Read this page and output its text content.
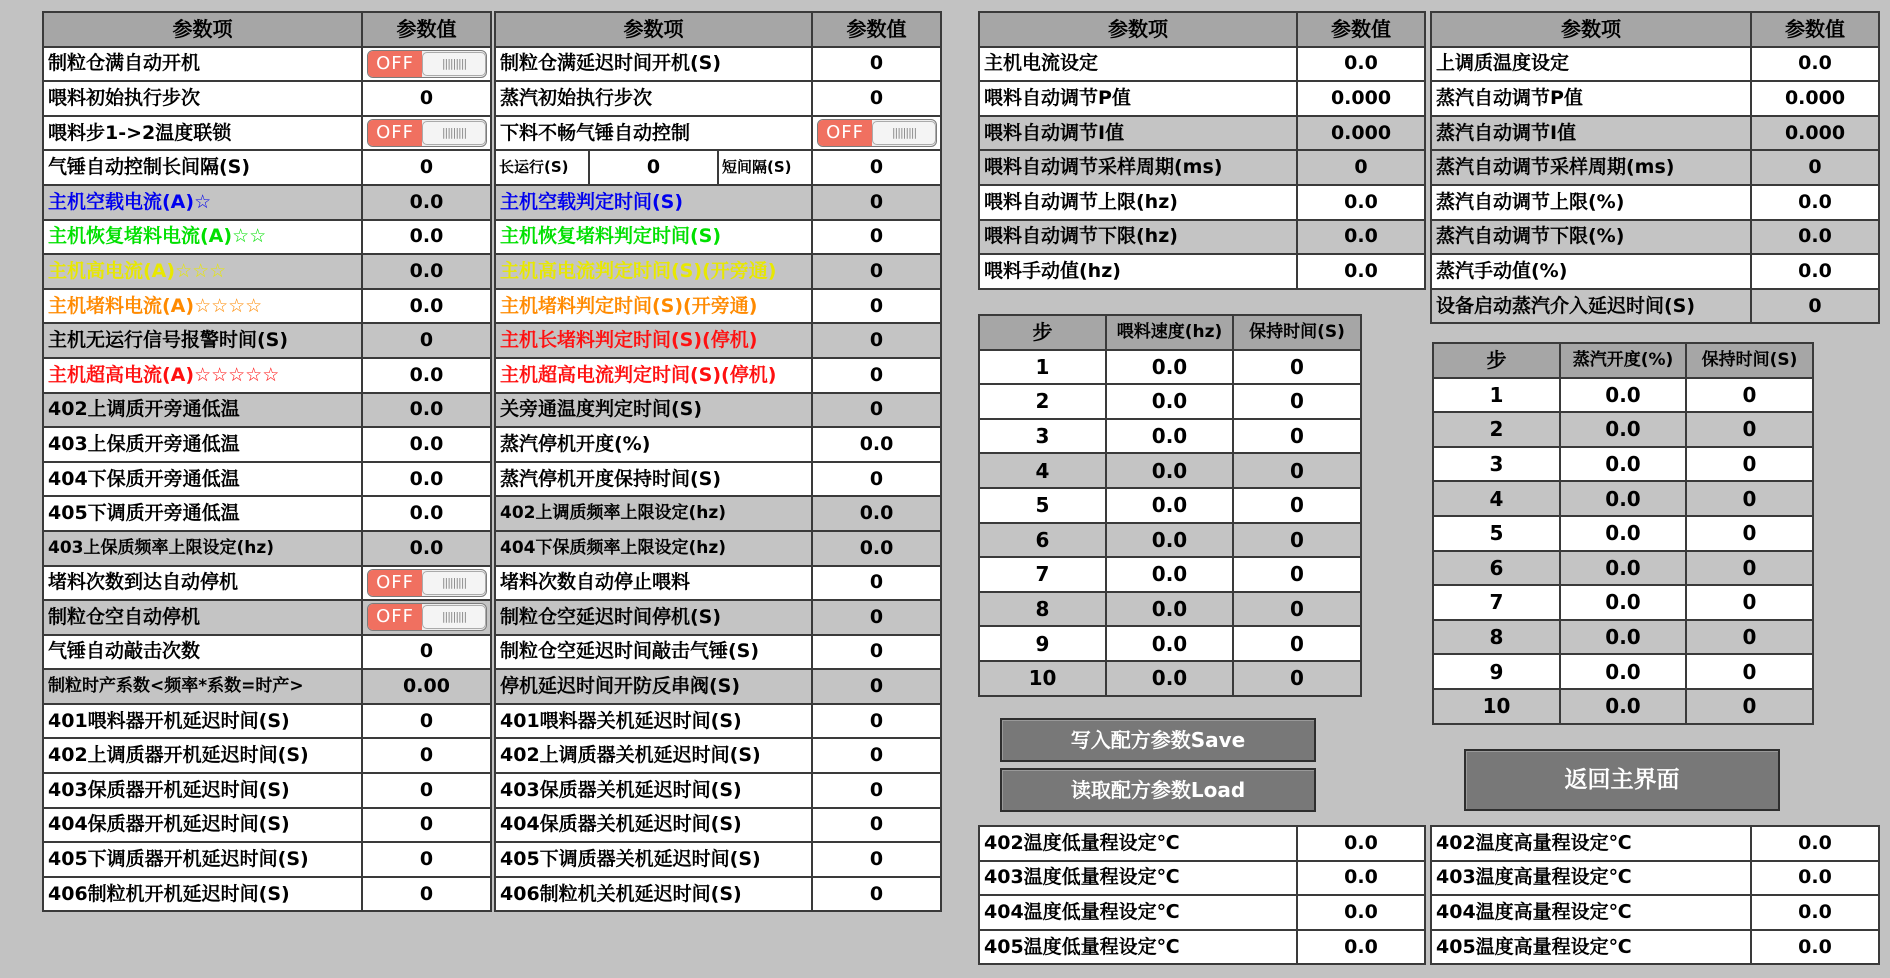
参数项	参数值
制粒仓满自动开机	OFF |||||||||

喂料初始执行步次	0
喂料步1->2温度联锁	OFF |||||||||

气锤自动控制长间隔(S)	0
主机空载电流(A)☆	0.0
主机恢复堵料电流(A)☆☆	0.0
主机高电流(A)☆☆☆	0.0
主机堵料电流(A)☆☆☆☆	0.0
主机无运行信号报警时间(S)	0
主机超高电流(A)☆☆☆☆☆	0.0
402上调质开旁通低温	0.0
403上保质开旁通低温	0.0
404下保质开旁通低温	0.0
405下调质开旁通低温	0.0
403上保质频率上限设定(hz)	0.0
堵料次数到达自动停机	OFF |||||||||

制粒仓空自动停机	OFF |||||||||

气锤自动敲击次数	0
制粒时产系数<频率*系数=时产>	0.00
401喂料器开机延迟时间(S)	0
402上调质器开机延迟时间(S)	0
403保质器开机延迟时间(S)	0
404保质器开机延迟时间(S)	0
405下调质器开机延迟时间(S)	0
406制粒机开机延迟时间(S)	0
参数项			参数值
制粒仓满延迟时间开机(S)			0
蒸汽初始执行步次			0
下料不畅气锤自动控制			OFF |||||||||

长运行(S)	0	短间隔(S)	0
主机空载判定时间(S)			0
主机恢复堵料判定时间(S)			0
主机高电流判定时间(S)(开旁通)			0
主机堵料判定时间(S)(开旁通)			0
主机长堵料判定时间(S)(停机)			0
主机超高电流判定时间(S)(停机)			0
关旁通温度判定时间(S)			0
蒸汽停机开度(%)			0.0
蒸汽停机开度保持时间(S)			0
402上调质频率上限设定(hz)			0.0
404下保质频率上限设定(hz)			0.0
堵料次数自动停止喂料			0
制粒仓空延迟时间停机(S)			0
制粒仓空延迟时间敲击气锤(S)			0
停机延迟时间开防反串阀(S)			0
401喂料器关机延迟时间(S)			0
402上调质器关机延迟时间(S)			0
403保质器关机延迟时间(S)			0
404保质器关机延迟时间(S)			0
405下调质器关机延迟时间(S)			0
406制粒机关机延迟时间(S)			0
参数项	参数值
主机电流设定	0.0
喂料自动调节P值	0.000
喂料自动调节I值	0.000
喂料自动调节采样周期(ms)	0
喂料自动调节上限(hz)	0.0
喂料自动调节下限(hz)	0.0
喂料手动值(hz)	0.0
参数项	参数值
上调质温度设定	0.0
蒸汽自动调节P值	0.000
蒸汽自动调节I值	0.000
蒸汽自动调节采样周期(ms)	0
蒸汽自动调节上限(%)	0.0
蒸汽自动调节下限(%)	0.0
蒸汽手动值(%)	0.0
设备启动蒸汽介入延迟时间(S)	0
步	喂料速度(hz)	保持时间(S)
1	0.0	0
2	0.0	0
3	0.0	0
4	0.0	0
5	0.0	0
6	0.0	0
7	0.0	0
8	0.0	0
9	0.0	0
10	0.0	0
步	蒸汽开度(%)	保持时间(S)
1	0.0	0
2	0.0	0
3	0.0	0
4	0.0	0
5	0.0	0
6	0.0	0
7	0.0	0
8	0.0	0
9	0.0	0
10	0.0	0
写入配方参数Save
读取配方参数Load	返回主界面
402温度低量程设定℃	0.0
403温度低量程设定℃	0.0
404温度低量程设定℃	0.0
405温度低量程设定℃	0.0
402温度高量程设定℃	0.0
403温度高量程设定℃	0.0
404温度高量程设定℃	0.0
405温度高量程设定℃	0.0
